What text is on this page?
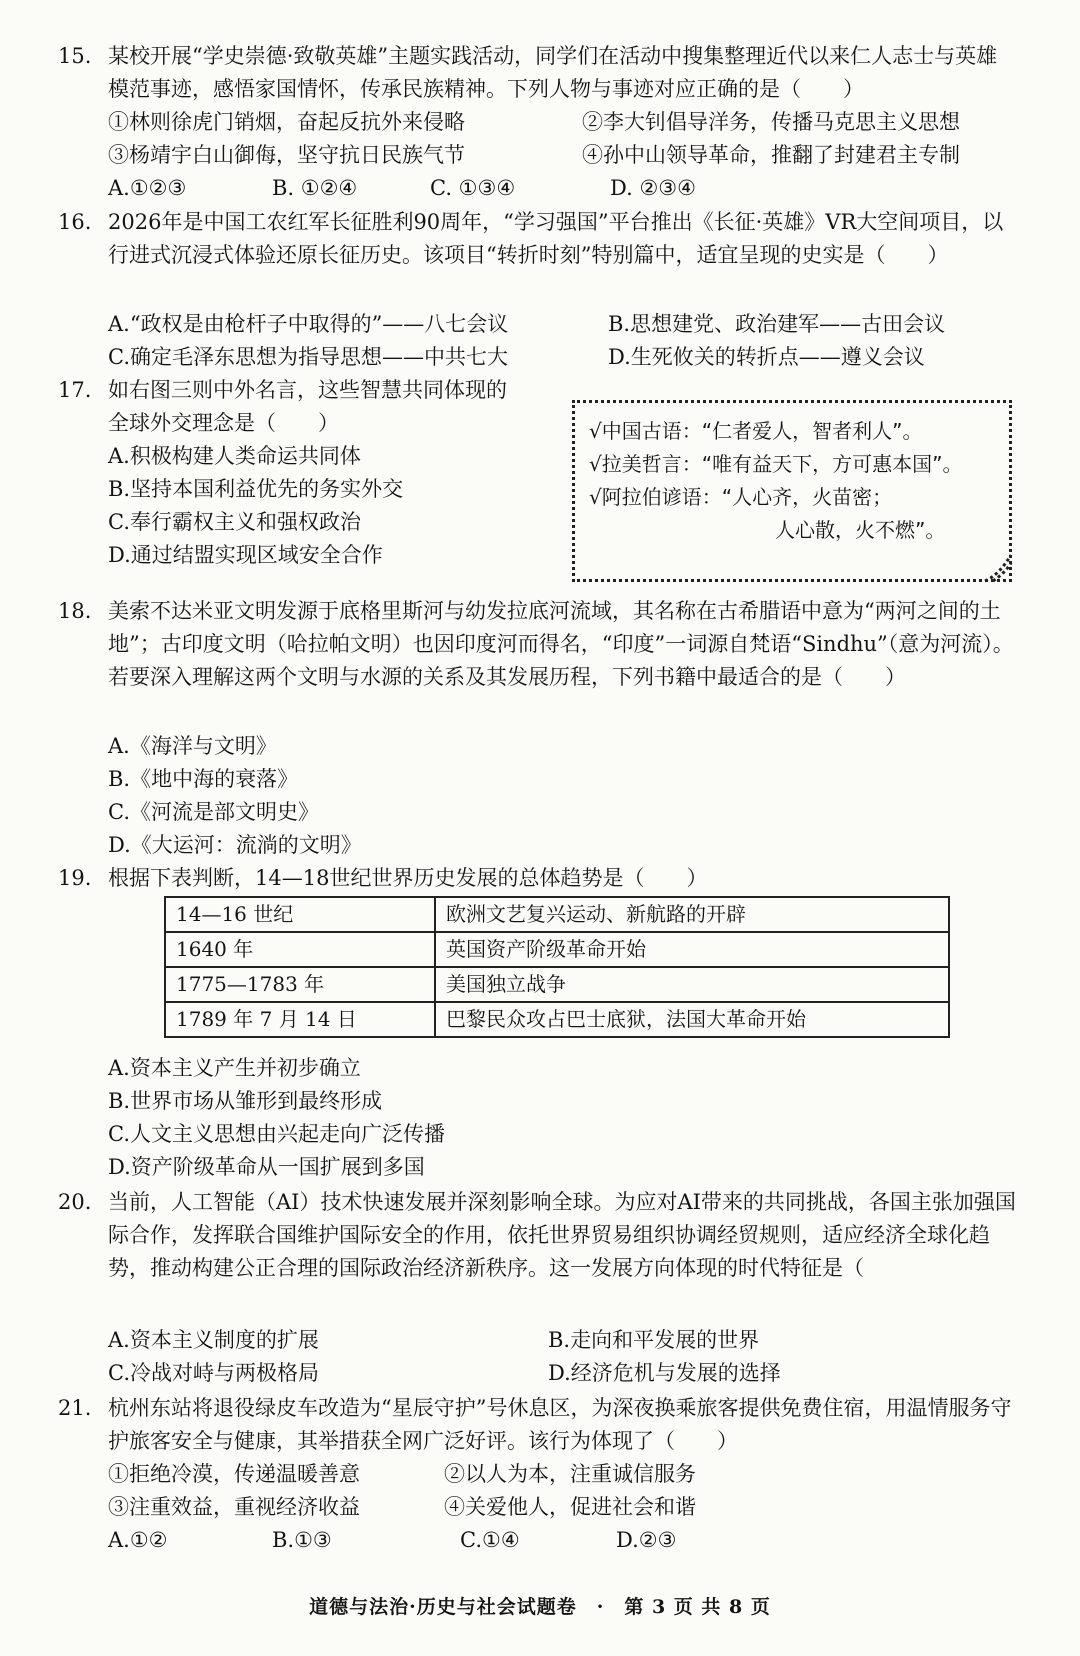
15. 某校开展“学史崇德·致敬英雄”主题实践活动，同学们在活动中搜集整理近代以来仁人志士与英雄模范事迹，感悟家国情怀，传承民族精神。下列人物与事迹对应正确的是（　　）
①林则徐虎门销烟，奋起反抗外来侵略	②李大钊倡导洋务，传播马克思主义思想
③杨靖宇白山御侮，坚守抗日民族气节	④孙中山领导革命，推翻了封建君主专制
A.①②③	B. ①②④	C. ①③④	D. ②③④
16. 2026年是中国工农红军长征胜利90周年，“学习强国”平台推出《长征·英雄》VR大空间项目，以行进式沉浸式体验还原长征历史。该项目“转折时刻”特别篇中，适宜呈现的史实是（　　）
A.“政权是由枪杆子中取得的”——八七会议	B.思想建党、政治建军——古田会议
C.确定毛泽东思想为指导思想——中共七大	D.生死攸关的转折点——遵义会议
17. 如右图三则中外名言，这些智慧共同体现的
全球外交理念是（　　）
A.积极构建人类命运共同体
B.坚持本国利益优先的务实外交
C.奉行霸权主义和强权政治
D.通过结盟实现区域安全合作
√中国古语：“仁者爱人，智者利人”。
√拉美哲言：“唯有益天下，方可惠本国”。
√阿拉伯谚语：“人心齐，火苗密；
人心散，火不燃”。
18. 美索不达米亚文明发源于底格里斯河与幼发拉底河流域，其名称在古希腊语中意为“两河之间的土地”；古印度文明（哈拉帕文明）也因印度河而得名，“印度”一词源自梵语“Sindhu”（意为河流）。若要深入理解这两个文明与水源的关系及其发展历程，下列书籍中最适合的是（　　）
A.《海洋与文明》
B.《地中海的衰落》
C.《河流是部文明史》
D.《大运河：流淌的文明》
19. 根据下表判断，14—18世纪世界历史发展的总体趋势是（　　）
14—16 世纪	欧洲文艺复兴运动、新航路的开辟
1640 年	英国资产阶级革命开始
1775—1783 年	美国独立战争
1789 年 7 月 14 日	巴黎民众攻占巴士底狱，法国大革命开始
A.资本主义产生并初步确立
B.世界市场从雏形到最终形成
C.人文主义思想由兴起走向广泛传播
D.资产阶级革命从一国扩展到多国
20. 当前，人工智能（AI）技术快速发展并深刻影响全球。为应对AI带来的共同挑战，各国主张加强国际合作，发挥联合国维护国际安全的作用，依托世界贸易组织协调经贸规则，适应经济全球化趋势，推动构建公正合理的国际政治经济新秩序。这一发展方向体现的时代特征是（
A.资本主义制度的扩展	B.走向和平发展的世界
C.冷战对峙与两极格局	D.经济危机与发展的选择
21. 杭州东站将退役绿皮车改造为“星辰守护”号休息区，为深夜换乘旅客提供免费住宿，用温情服务守护旅客安全与健康，其举措获全网广泛好评。该行为体现了（　　）
①拒绝冷漠，传递温暖善意	②以人为本，注重诚信服务
③注重效益，重视经济收益	④关爱他人，促进社会和谐
A.①②	B.①③	C.①④	D.②③
道德与法治·历史与社会试题卷　·　第 3 页 共 8 页
